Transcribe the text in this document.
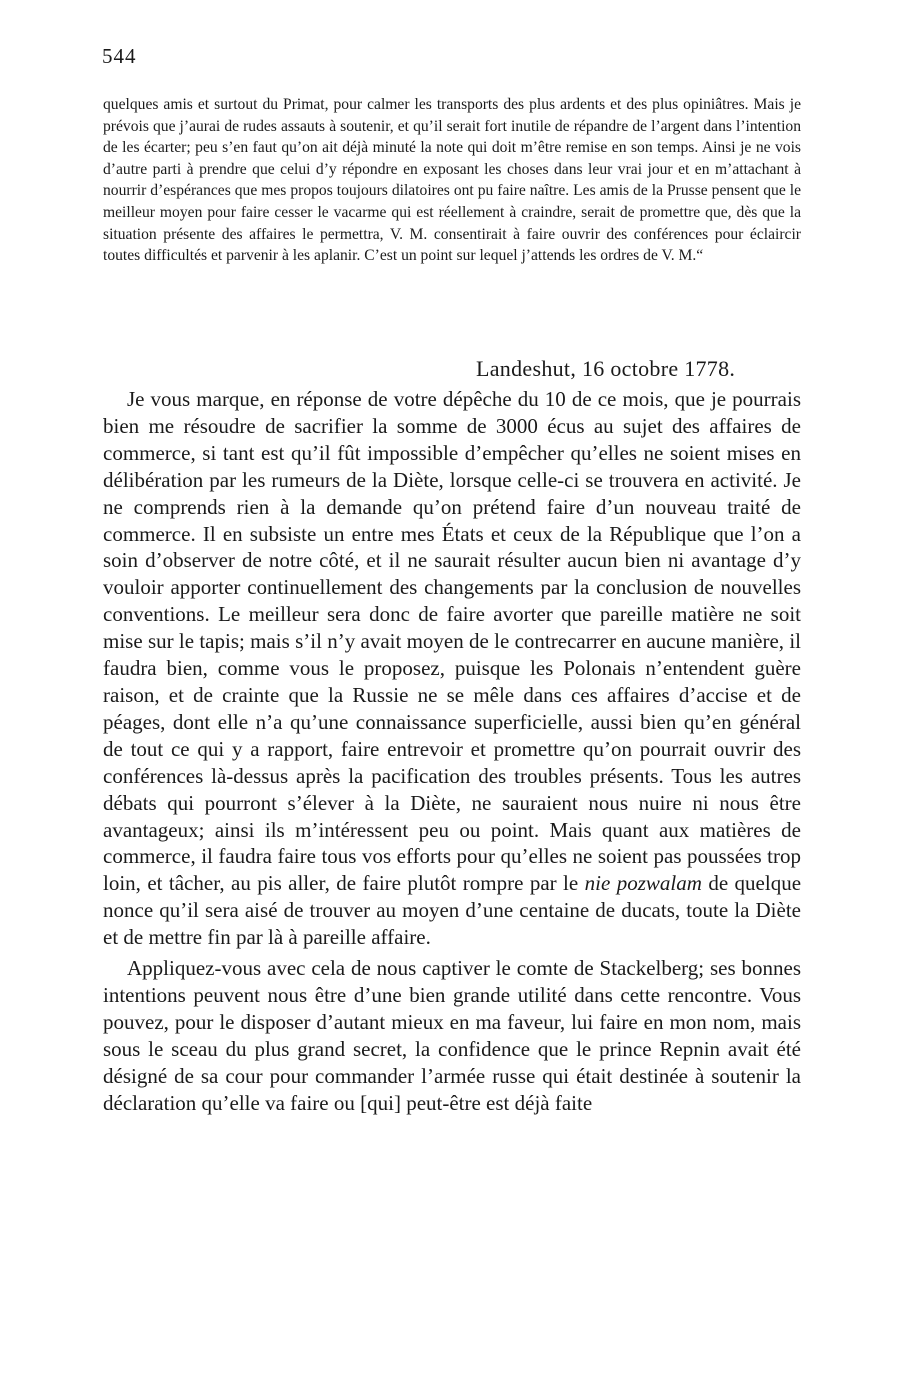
544

quelques amis et surtout du Primat, pour calmer les transports des plus ardents et des plus opiniâtres. Mais je prévois que j’aurai de rudes assauts à soutenir, et qu’il serait fort inutile de répandre de l’argent dans l’intention de les écarter; peu s’en faut qu’on ait déjà minuté la note qui doit m’être remise en son temps. Ainsi je ne vois d’autre parti à prendre que celui d’y répondre en exposant les choses dans leur vrai jour et en m’attachant à nourrir d’espérances que mes propos toujours dilatoires ont pu faire naître. Les amis de la Prusse pensent que le meilleur moyen pour faire cesser le vacarme qui est réellement à craindre, serait de promettre que, dès que la situation présente des affaires le permettra, V. M. consentirait à faire ouvrir des conférences pour éclaircir toutes difficultés et parvenir à les aplanir. C’est un point sur lequel j’attends les ordres de V. M.“

Landeshut, 16 octobre 1778.

Je vous marque, en réponse de votre dépêche du 10 de ce mois, que je pourrais bien me résoudre de sacrifier la somme de 3000 écus au sujet des affaires de commerce, si tant est qu’il fût impossible d’empêcher qu’elles ne soient mises en délibération par les rumeurs de la Diète, lorsque celle-ci se trouvera en activité. Je ne comprends rien à la demande qu’on prétend faire d’un nouveau traité de commerce. Il en subsiste un entre mes États et ceux de la République que l’on a soin d’observer de notre côté, et il ne saurait résulter aucun bien ni avantage d’y vouloir apporter continuellement des changements par la conclusion de nouvelles conventions. Le meilleur sera donc de faire avorter que pareille matière ne soit mise sur le tapis; mais s’il n’y avait moyen de le contrecarrer en aucune manière, il faudra bien, comme vous le proposez, puisque les Polonais n’entendent guère raison, et de crainte que la Russie ne se mêle dans ces affaires d’accise et de péages, dont elle n’a qu’une connaissance superficielle, aussi bien qu’en général de tout ce qui y a rapport, faire entrevoir et promettre qu’on pourrait ouvrir des conférences là-dessus après la pacification des troubles présents. Tous les autres débats qui pourront s’élever à la Diète, ne sauraient nous nuire ni nous être avantageux; ainsi ils m’intéressent peu ou point. Mais quant aux matières de commerce, il faudra faire tous vos efforts pour qu’elles ne soient pas poussées trop loin, et tâcher, au pis aller, de faire plutôt rompre par le nie pozwalam de quelque nonce qu’il sera aisé de trouver au moyen d’une centaine de ducats, toute la Diète et de mettre fin par là à pareille affaire.

Appliquez-vous avec cela de nous captiver le comte de Stackelberg; ses bonnes intentions peuvent nous être d’une bien grande utilité dans cette rencontre. Vous pouvez, pour le disposer d’autant mieux en ma faveur, lui faire en mon nom, mais sous le sceau du plus grand secret, la confidence que le prince Repnin avait été désigné de sa cour pour commander l’armée russe qui était destinée à soutenir la déclaration qu’elle va faire ou [qui] peut-être est déjà faite
